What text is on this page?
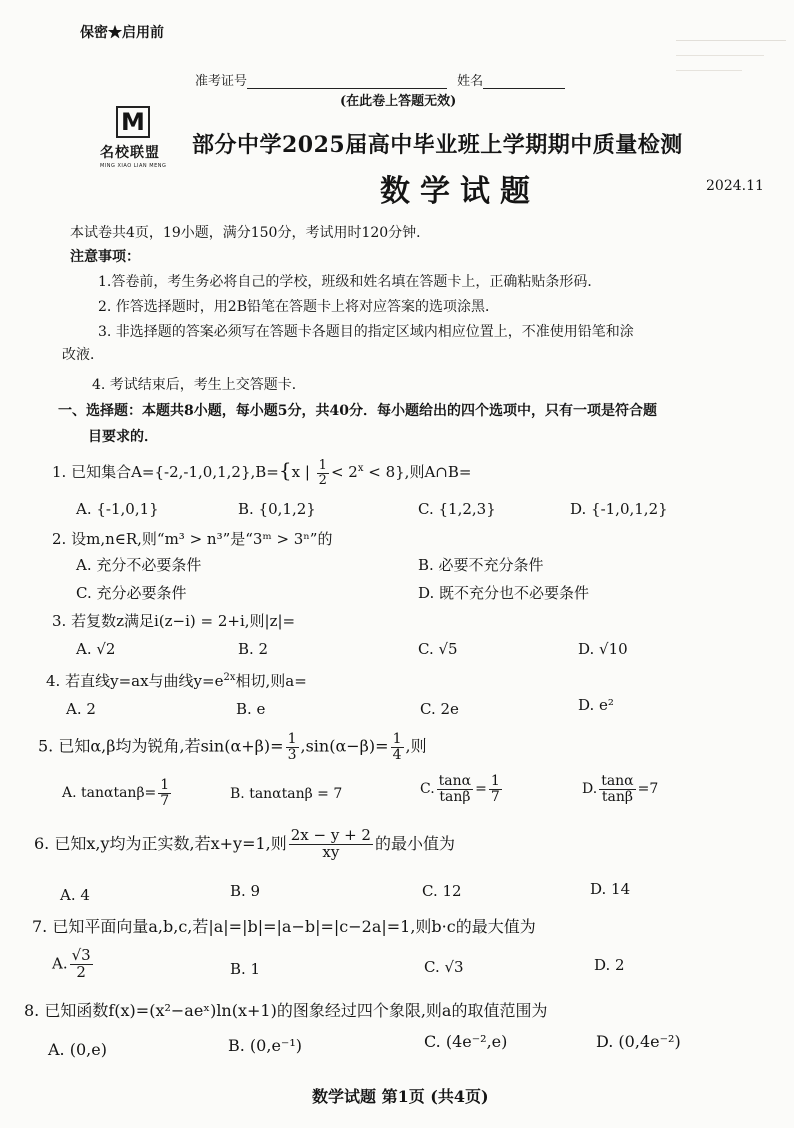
保密★启用前
准考证号	姓名
(在此卷上答题无效)
M
名校联盟
MING XIAO LIAN MENG
部分中学2025届高中毕业班上学期期中质量检测
数学试题	2024.11
本试卷共4页，19小题，满分150分，考试用时120分钟．
注意事项：
1.答卷前，考生务必将自己的学校，班级和姓名填在答题卡上，正确粘贴条形码．
2. 作答选择题时，用2B铅笔在答题卡上将对应答案的选项涂黑．
3. 非选择题的答案必须写在答题卡各题目的指定区域内相应位置上，不准使用铅笔和涂
改液．
4. 考试结束后，考生上交答题卡．
一、选择题：本题共8小题，每小题5分，共40分．每小题给出的四个选项中，只有一项是符合题
目要求的．
1. 已知集合A={-2,-1,0,1,2},B={x | $\frac{1}{2} < 2^x < 8$},则A∩B=
A. {-1,0,1}	B. {0,1,2}	C. {1,2,3}	D. {-1,0,1,2}
2. 设m,n∈R,则“m³ > n³”是“3ᵐ > 3ⁿ”的
A. 充分不必要条件	B. 必要不充分条件
C. 充分必要条件	D. 既不充分也不必要条件
3. 若复数z满足i(z−i) = 2+i,则|z|=
A. √2	B. 2	C. √5	D. √10
4. 若直线y=ax与曲线$y=e^{2x}$相切,则a=
A. 2	B. e	C. 2e	D. e²
5. 已知α,β均为锐角,若$\sin(\alpha+\beta)= \frac{1}{3} ,\sin(\alpha-\beta)= \frac{1}{4}$ ,则
A. $\tan\alpha\tan\beta= \frac{1}{7}$	B. tanαtanβ = 7	C. $\frac{\tan\alpha}{\tan\beta} = \frac{1}{7}$	D. $\frac{\tan\alpha}{\tan\beta} =7$
6. 已知x,y均为正实数,若x+y=1,则 $\frac{2x - y + 2}{xy}$ 的最小值为
A. 4	B. 9	C. 12	D. 14
7. 已知平面向量a,b,c,若|a|=|b|=|a−b|=|c−2a|=1,则b·c的最大值为
A. $\frac{√3}{2}$	B. 1	C. √3	D. 2
8. 已知函数f(x)=(x²−aeˣ)ln(x+1)的图象经过四个象限,则a的取值范围为
A. (0,e)	B. (0,e⁻¹)	C. (4e⁻²,e)	D. (0,4e⁻²)
数学试题 第1页 (共4页)
